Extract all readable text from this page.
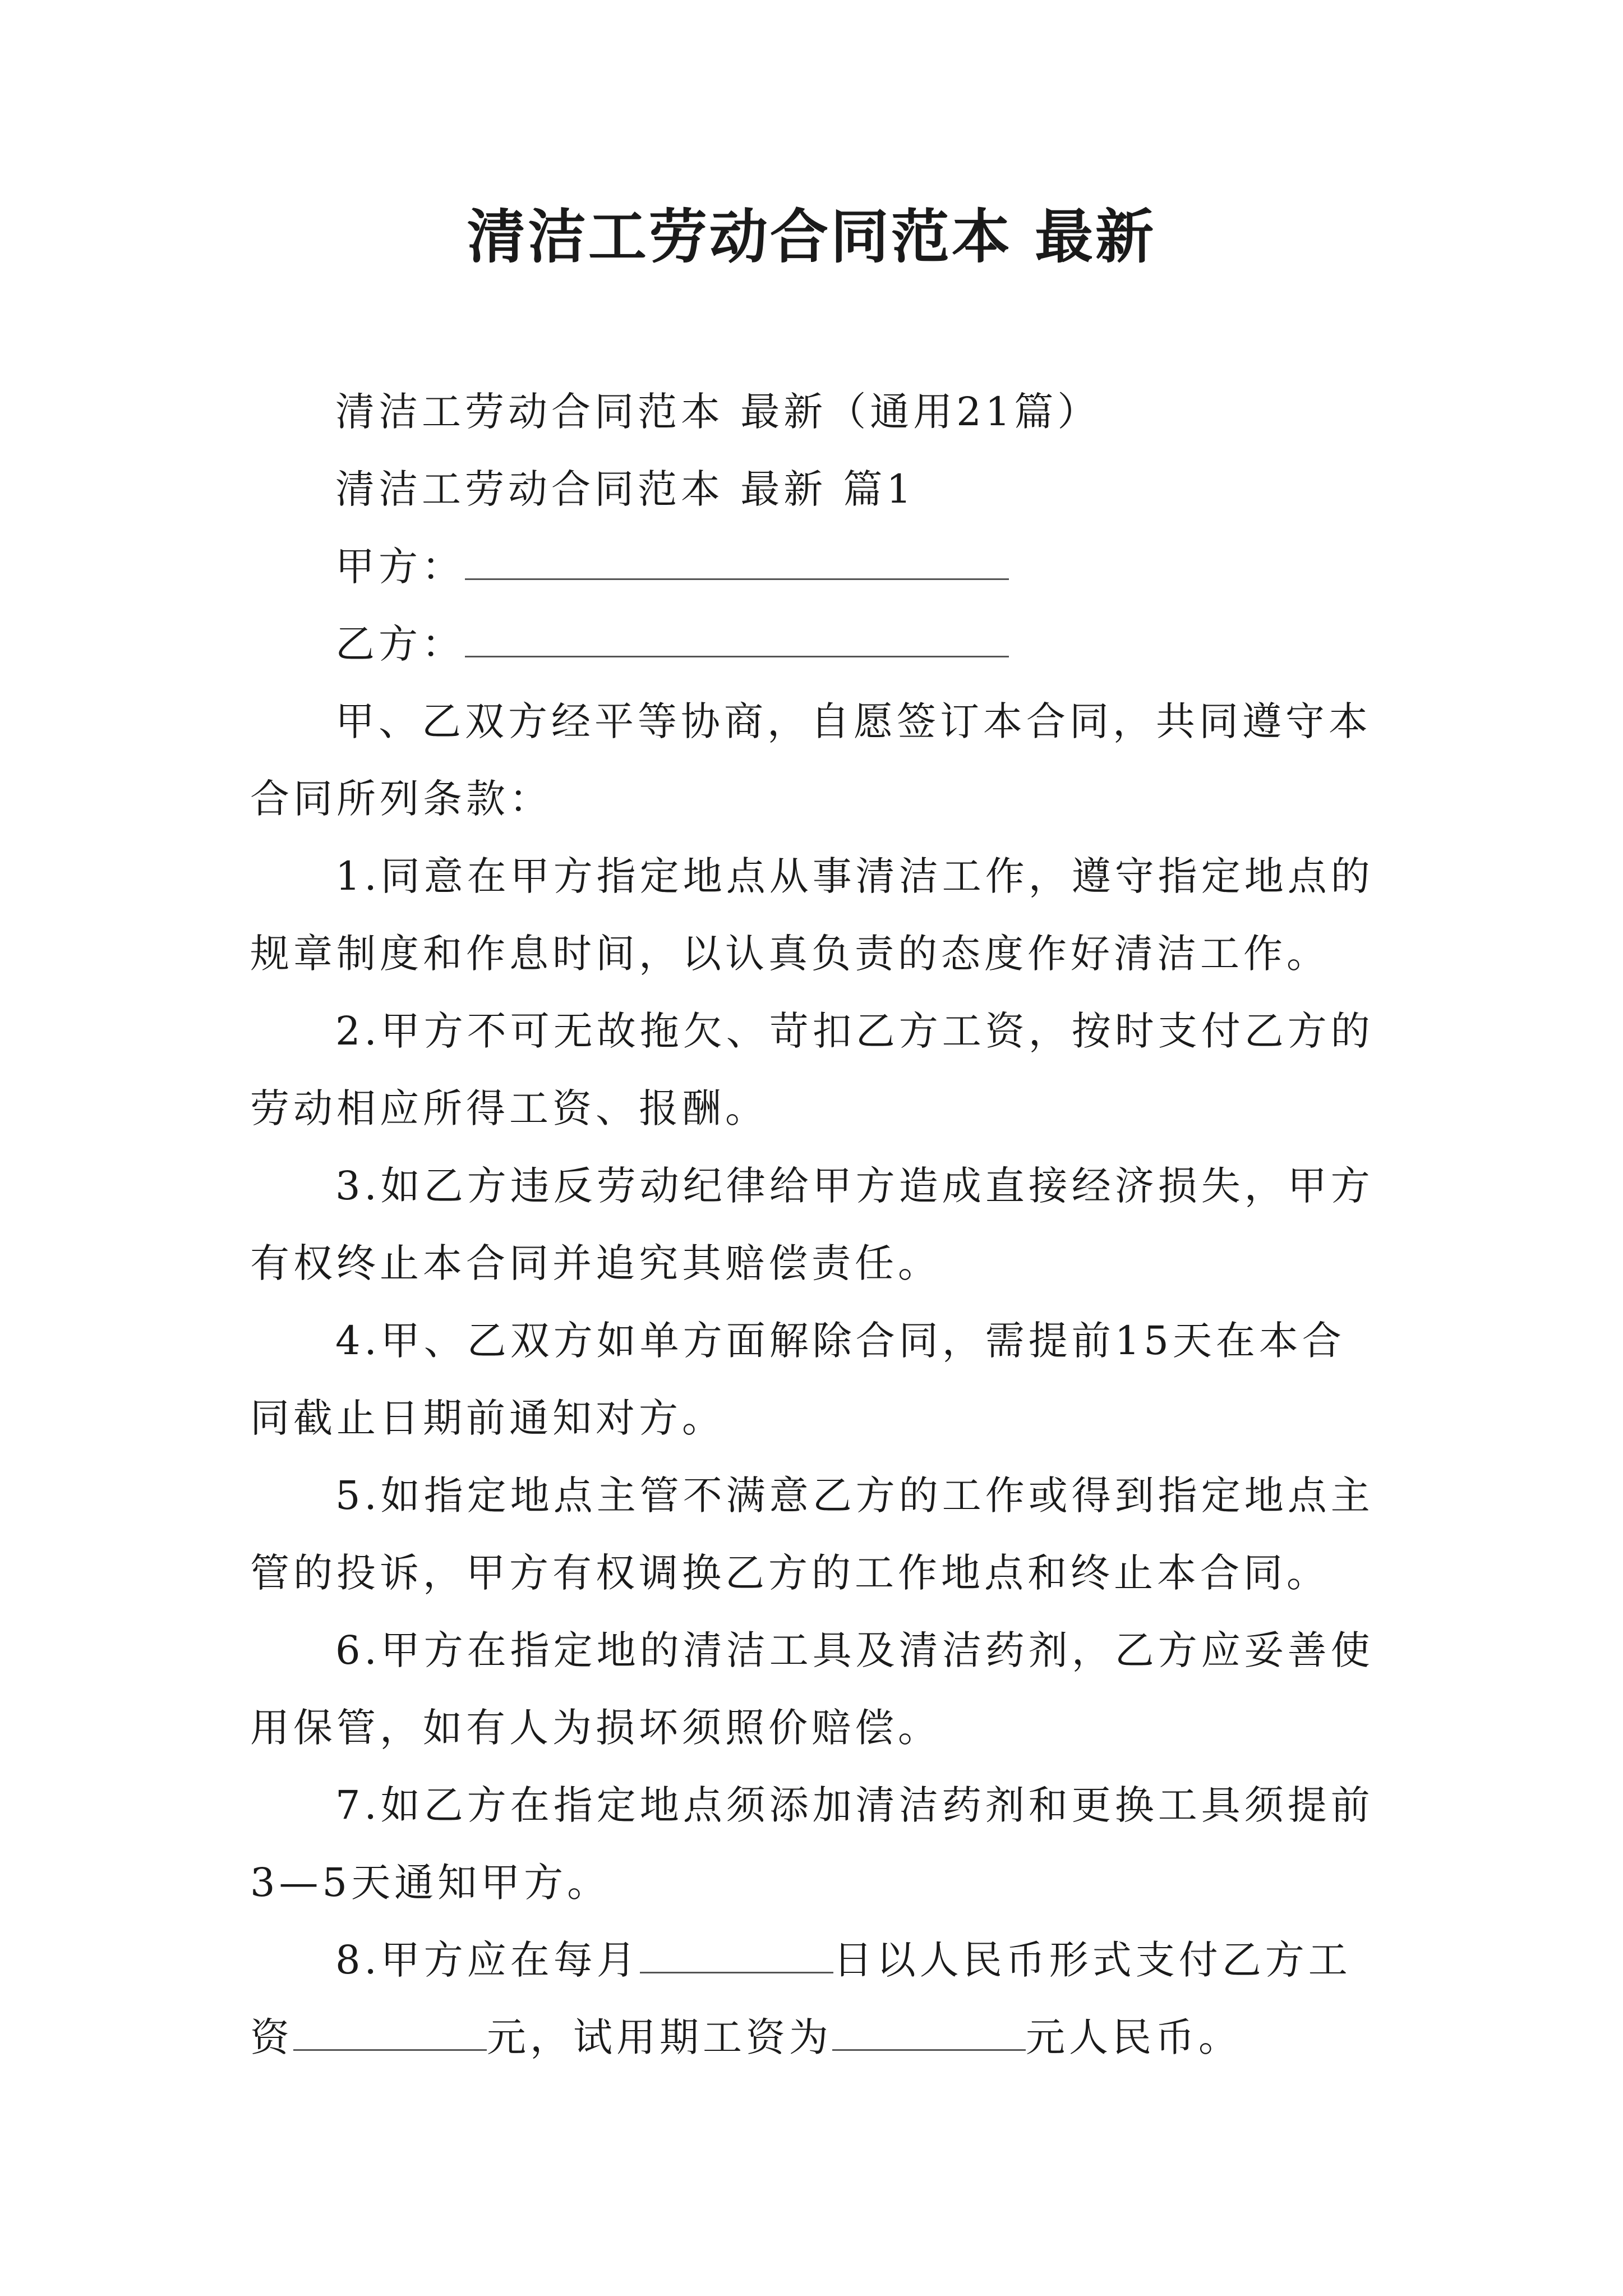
清洁工劳动合同范本 最新

清洁工劳动合同范本 最新（通用21篇）

清洁工劳动合同范本 最新 篇1

甲方：

乙方：

甲、乙双方经平等协商，自愿签订本合同，共同遵守本合同所列条款：

1.同意在甲方指定地点从事清洁工作，遵守指定地点的规章制度和作息时间，以认真负责的态度作好清洁工作。

2.甲方不可无故拖欠、苛扣乙方工资，按时支付乙方的劳动相应所得工资、报酬。

3.如乙方违反劳动纪律给甲方造成直接经济损失，甲方有权终止本合同并追究其赔偿责任。

4.甲、乙双方如单方面解除合同，需提前15天在本合同截止日期前通知对方。

5.如指定地点主管不满意乙方的工作或得到指定地点主管的投诉，甲方有权调换乙方的工作地点和终止本合同。

6.甲方在指定地的清洁工具及清洁药剂，乙方应妥善使用保管，如有人为损坏须照价赔偿。

7.如乙方在指定地点须添加清洁药剂和更换工具须提前3—5天通知甲方。

8.甲方应在每月	日以人民币形式支付乙方工资	元，试用期工资为	元人民币。
